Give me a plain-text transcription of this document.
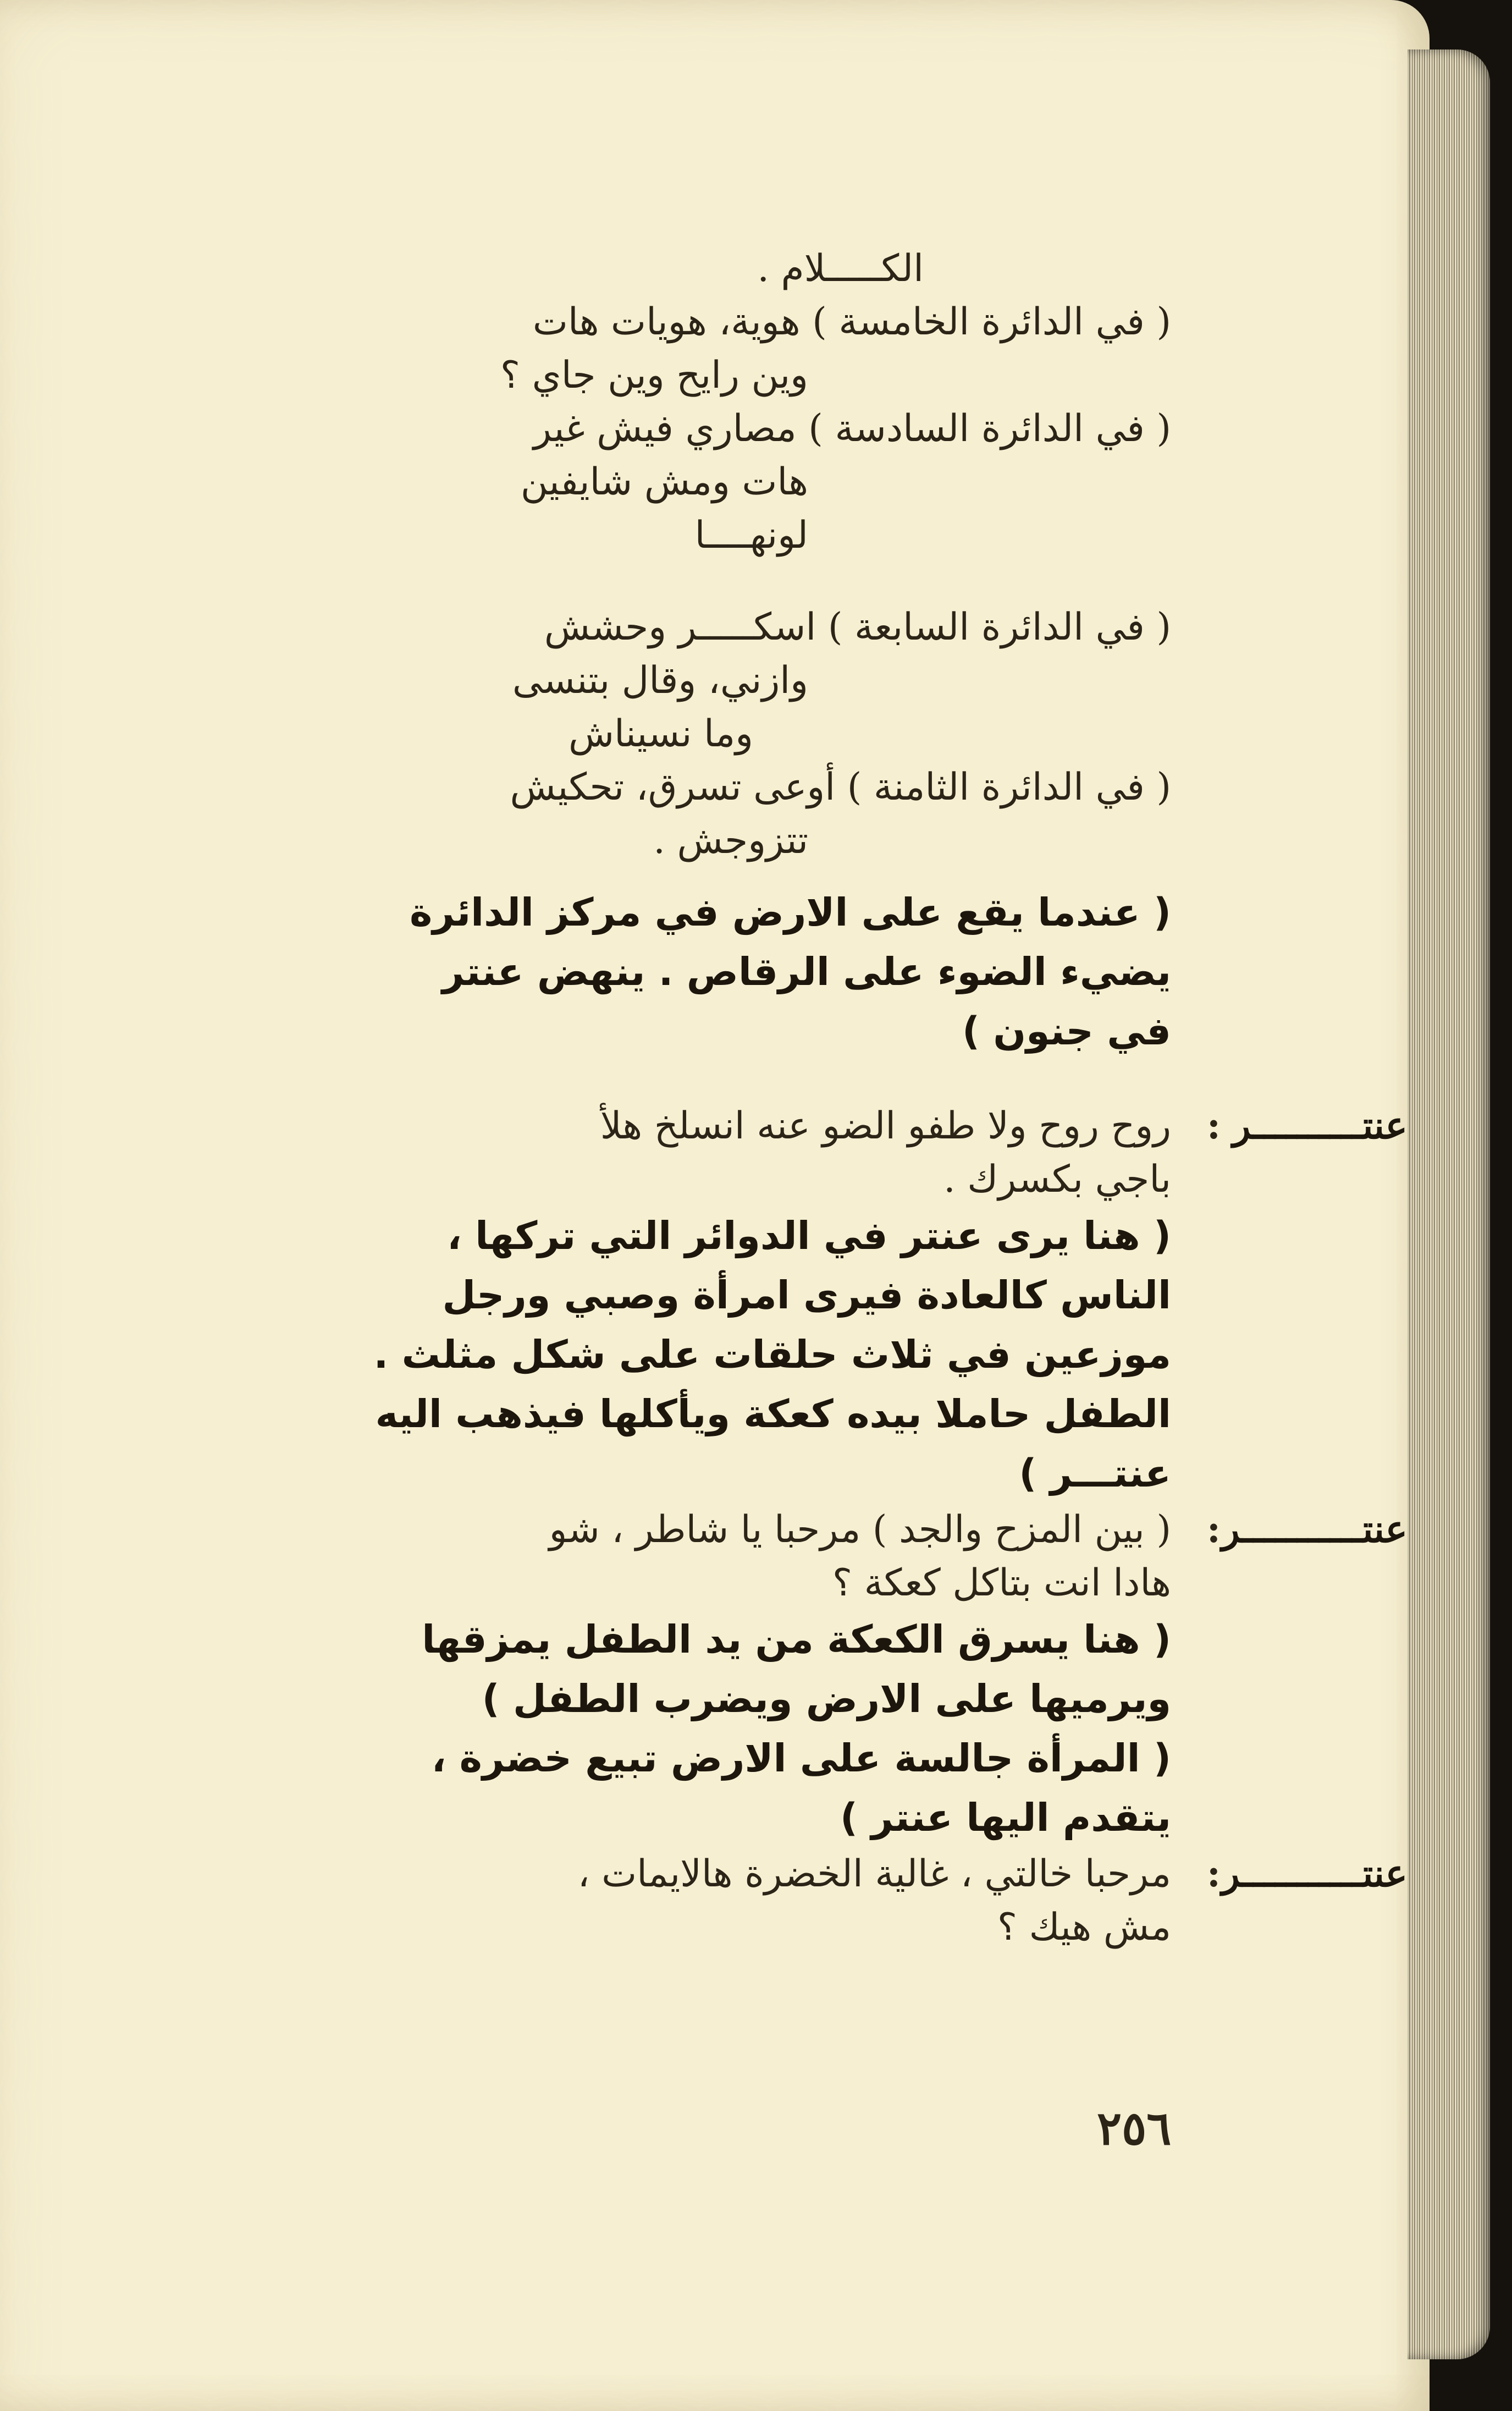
الكـــــلام .
( في الدائرة الخامسة ) هوية، هويات هات
وين رايح وين جاي ؟
( في الدائرة السادسة ) مصاري فيش غير
هات ومش شايفين
لونهــــا
( في الدائرة السابعة ) اسكـــــر وحشش
وازني، وقال بتنسى
وما نسيناش
( في الدائرة الثامنة ) أوعى تسرق، تحكيش
تتزوجش .
( عندما يقع على الارض في مركز الدائرة
يضيء الضوء على الرقاص . ينهض عنتر
في جنون )
عنتــــــــــر
:
روح روح ولا طفو الضو عنه انسلخ هلأ
باجي بكسرك .
( هنا يرى عنتر في الدوائر التي تركها ،
الناس كالعادة فيرى امرأة وصبي ورجل
موزعين في ثلاث حلقات على شكل مثلث .
الطفل حاملا بيده كعكة ويأكلها فيذهب اليه
عنتـــر )
عنتـــــــــــر
:
( بين المزح والجد ) مرحبا يا شاطر ، شو
هادا انت بتاكل كعكة ؟
( هنا يسرق الكعكة من يد الطفل يمزقها
ويرميها على الارض ويضرب الطفل )
( المرأة جالسة على الارض تبيع خضرة ،
يتقدم اليها عنتر )
عنتـــــــــــر
:
مرحبا خالتي ، غالية الخضرة هالايمات ،
مش هيك ؟
٢٥٦
